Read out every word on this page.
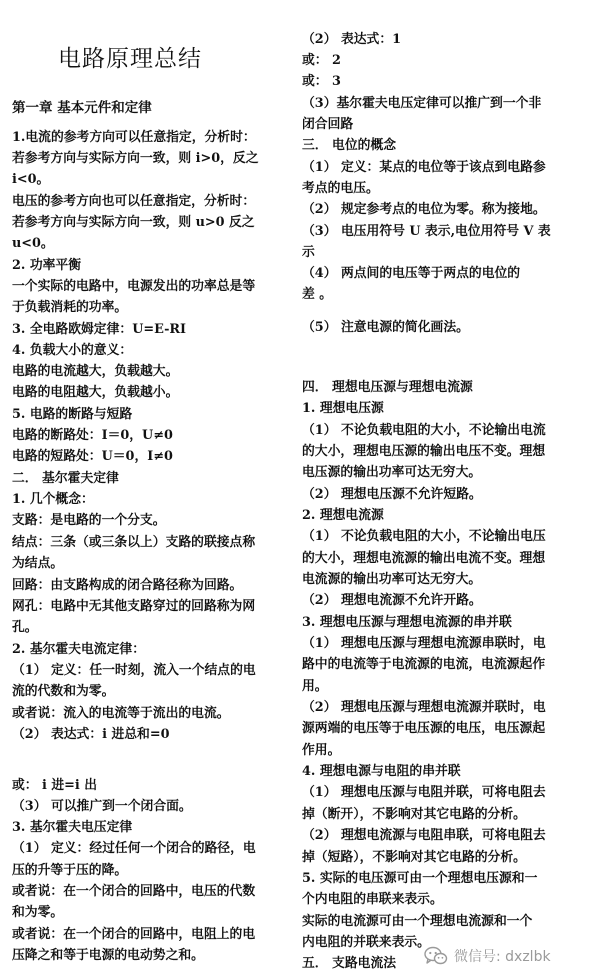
电路原理总结
第一章 基本元件和定律
1.电流的参考方向可以任意指定，分析时：
若参考方向与实际方向一致，则 i>0，反之
i<0。
电压的参考方向也可以任意指定，分析时：
若参考方向与实际方向一致，则 u>0 反之
u<0。
2. 功率平衡
一个实际的电路中，电源发出的功率总是等
于负载消耗的功率。
3. 全电路欧姆定律：U=E-RI
4. 负载大小的意义：
电路的电流越大，负载越大。
电路的电阻越大，负载越小。
5. 电路的断路与短路
电路的断路处：I＝0，U≠0
电路的短路处：U＝0，I≠0
二． 基尔霍夫定律
1. 几个概念：
支路：是电路的一个分支。
结点：三条（或三条以上）支路的联接点称
为结点。
回路：由支路构成的闭合路径称为回路。
网孔：电路中无其他支路穿过的回路称为网
孔。
2. 基尔霍夫电流定律：
（1） 定义：任一时刻，流入一个结点的电
流的代数和为零。
或者说：流入的电流等于流出的电流。
（2） 表达式：i 进总和=0
或： i 进=i 出
（3） 可以推广到一个闭合面。
3. 基尔霍夫电压定律
（1） 定义：经过任何一个闭合的路径，电
压的升等于压的降。
或者说：在一个闭合的回路中，电压的代数
和为零。
或者说：在一个闭合的回路中，电阻上的电
压降之和等于电源的电动势之和。
（2） 表达式：1
或： 2
或： 3
（3）基尔霍夫电压定律可以推广到一个非
闭合回路
三． 电位的概念
（1） 定义：某点的电位等于该点到电路参
考点的电压。
（2） 规定参考点的电位为零。称为接地。
（3） 电压用符号 U 表示,电位用符号 V 表
示
（4） 两点间的电压等于两点的电位的
差 。
（5） 注意电源的简化画法。
四． 理想电压源与理想电流源
1. 理想电压源
（1） 不论负载电阻的大小，不论输出电流
的大小，理想电压源的输出电压不变。理想
电压源的输出功率可达无穷大。
（2） 理想电压源不允许短路。
2. 理想电流源
（1） 不论负载电阻的大小，不论输出电压
的大小，理想电流源的输出电流不变。理想
电流源的输出功率可达无穷大。
（2） 理想电流源不允许开路。
3. 理想电压源与理想电流源的串并联
（1） 理想电压源与理想电流源串联时，电
路中的电流等于电流源的电流，电流源起作
用。
（2） 理想电压源与理想电流源并联时，电
源两端的电压等于电压源的电压，电压源起
作用。
4. 理想电源与电阻的串并联
（1） 理想电压源与电阻并联，可将电阻去
掉（断开），不影响对其它电路的分析。
（2） 理想电流源与电阻串联，可将电阻去
掉（短路），不影响对其它电路的分析。
5. 实际的电压源可由一个理想电压源和一
个内电阻的串联来表示。
实际的电流源可由一个理想电流源和一个
内电阻的并联来表示。
五． 支路电流法	微信号: dxzlbk
